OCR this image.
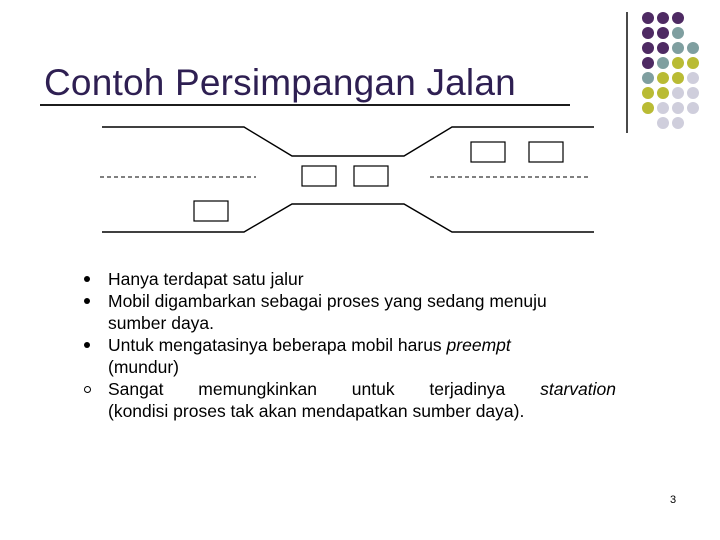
Contoh Persimpangan Jalan
Hanya terdapat satu jalur
Mobil digambarkan sebagai proses yang sedang menuju
sumber daya.
Untuk mengatasinya beberapa mobil harus preempt
(mundur)
Sangat memungkinkan untuk terjadinya starvation
(kondisi proses tak akan mendapatkan sumber daya).
3
